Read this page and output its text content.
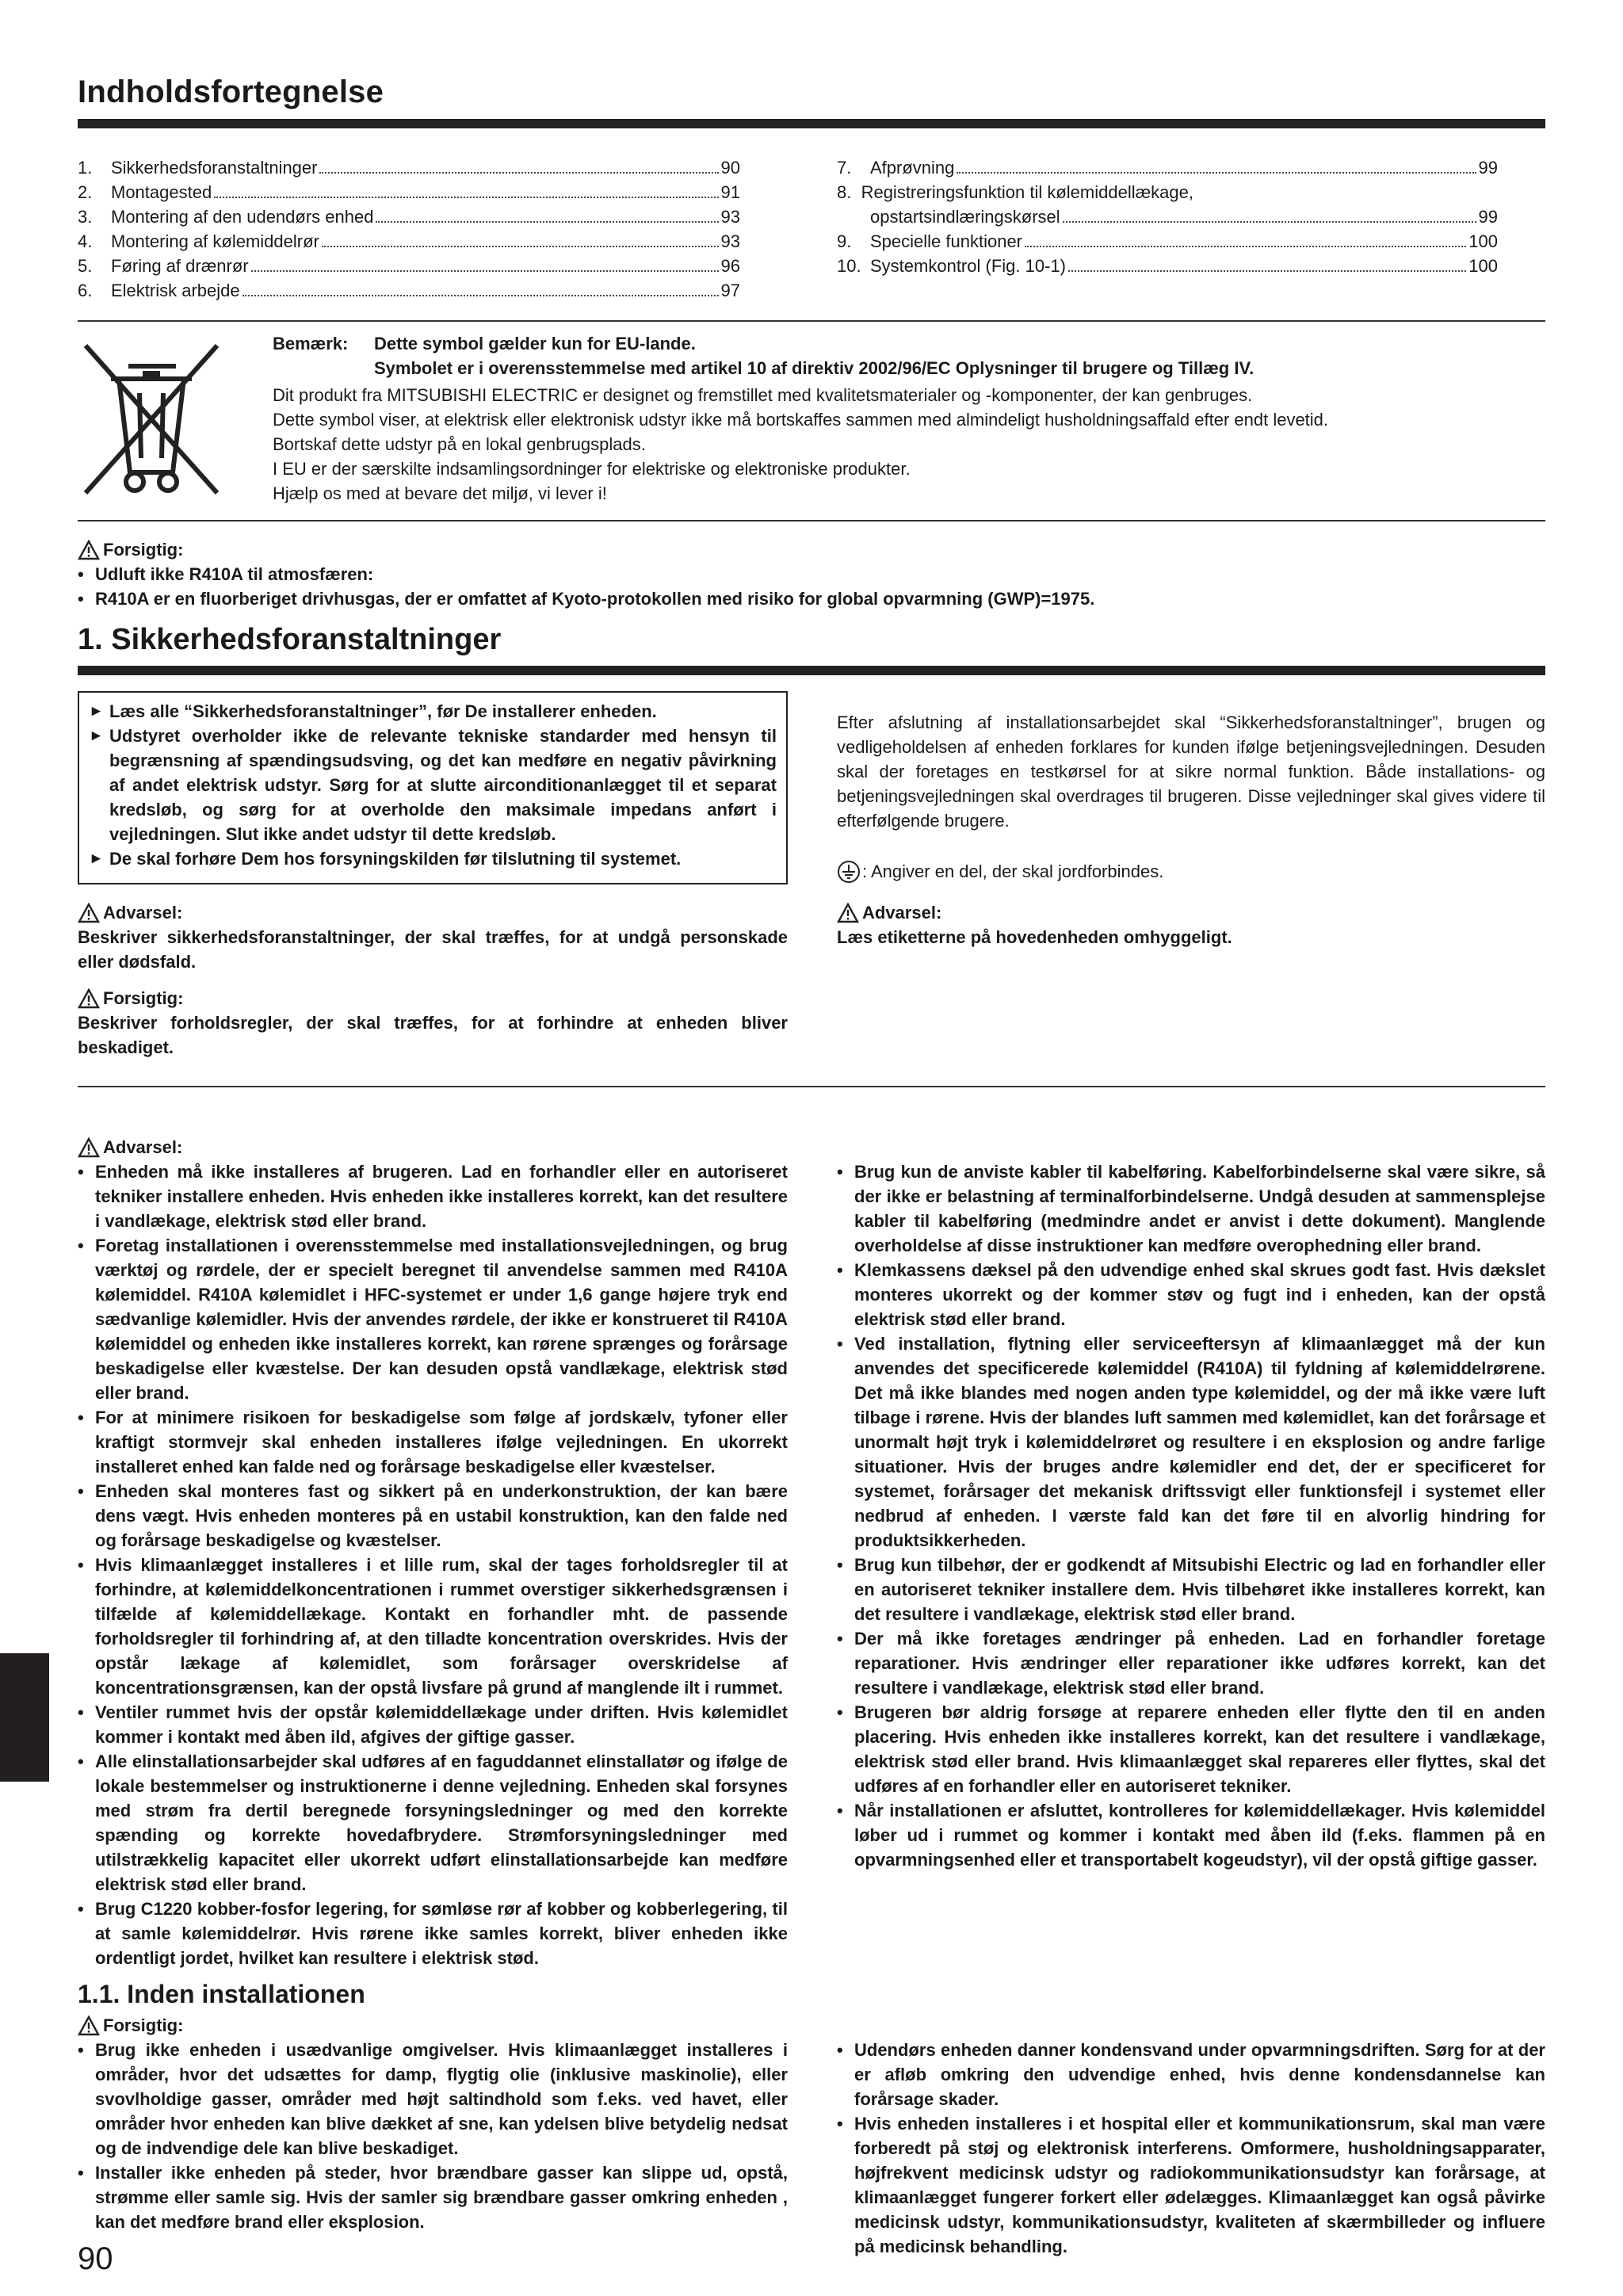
Indholdsfortegnelse
1.	Sikkerhedsforanstaltninger	90
2.	Montagested	91
3.	Montering af den udendørs enhed	93
4.	Montering af kølemiddelrør	93
5.	Føring af drænrør	96
6.	Elektrisk arbejde	97
7.	Afprøvning	99
8.  Registreringsfunktion til kølemiddellækage,
opstartsindlæringskørsel	99
9.	Specielle funktioner	100
10. Systemkontrol (Fig. 10-1)	100
Bemærk:	Dette symbol gælder kun for EU-lande.
Symbolet er i overensstemmelse med artikel 10 af direktiv 2002/96/EC Oplysninger til brugere og Tillæg IV.

Dit produkt fra MITSUBISHI ELECTRIC er designet og fremstillet med kvalitetsmaterialer og -komponenter, der kan genbruges.

Dette symbol viser, at elektrisk eller elektronisk udstyr ikke må bortskaffes sammen med almindeligt husholdningsaffald efter endt levetid.

Bortskaf dette udstyr på en lokal genbrugsplads.

I EU er der særskilte indsamlingsordninger for elektriske og elektroniske produkter.

Hjælp os med at bevare det miljø, vi lever i!

Forsigtig:
• Udluft ikke R410A til atmosfæren:
• R410A er en fluorberiget drivhusgas, der er omfattet af Kyoto-protokollen med risiko for global opvarmning (GWP)=1975.
1. Sikkerhedsforanstaltninger
► Læs alle “Sikkerhedsforanstaltninger”, før De installerer enheden.
► Udstyret overholder ikke de relevante tekniske standarder med hensyn til begrænsning af spændingsudsving, og det kan medføre en negativ påvirkning af andet elektrisk udstyr. Sørg for at slutte airconditionanlægget til et separat kredsløb, og sørg for at overholde den maksimale impedans anført i vejledningen. Slut ikke andet udstyr til dette kredsløb.
► De skal forhøre Dem hos forsyningskilden før tilslutning til systemet.
Advarsel:

Beskriver sikkerhedsforanstaltninger, der skal træffes, for at undgå personskade eller dødsfald.

Forsigtig:

Beskriver forholdsregler, der skal træffes, for at forhindre at enheden bliver beskadiget.

Efter afslutning af installationsarbejdet skal “Sikkerhedsforanstaltninger”, brugen og vedligeholdelsen af enheden forklares for kunden ifølge betjeningsvejledningen. Desuden skal der foretages en testkørsel for at sikre normal funktion. Både installations- og betjeningsvejledningen skal overdrages til brugeren. Disse vejledninger skal gives videre til efterfølgende brugere.
: Angiver en del, der skal jordforbindes.
Advarsel:

Læs etiketterne på hovedenheden omhyggeligt.

Advarsel:
• Enheden må ikke installeres af brugeren. Lad en forhandler eller en autoriseret tekniker installere enheden. Hvis enheden ikke installeres korrekt, kan det resultere i vandlækage, elektrisk stød eller brand.
• Foretag installationen i overensstemmelse med installationsvejledningen, og brug værktøj og rørdele, der er specielt beregnet til anvendelse sammen med R410A kølemiddel. R410A kølemidlet i HFC-systemet er under 1,6 gange højere tryk end sædvanlige kølemidler. Hvis der anvendes rørdele, der ikke er konstrueret til R410A kølemiddel og enheden ikke installeres korrekt, kan rørene sprænges og forårsage beskadigelse eller kvæstelse. Der kan desuden opstå vandlækage, elektrisk stød eller brand.
• For at minimere risikoen for beskadigelse som følge af jordskælv, tyfoner eller kraftigt stormvejr skal enheden installeres ifølge vejledningen. En ukorrekt installeret enhed kan falde ned og forårsage beskadigelse eller kvæstelser.
• Enheden skal monteres fast og sikkert på en underkonstruktion, der kan bære dens vægt. Hvis enheden monteres på en ustabil konstruktion, kan den falde ned og forårsage beskadigelse og kvæstelser.
• Hvis klimaanlægget installeres i et lille rum, skal der tages forholdsregler til at forhindre, at kølemiddelkoncentrationen i rummet overstiger sikkerhedsgrænsen i tilfælde af kølemiddellækage. Kontakt en forhandler mht. de passende forholdsregler til forhindring af, at den tilladte koncentration overskrides. Hvis der opstår lækage af kølemidlet, som forårsager overskridelse af koncentrationsgrænsen, kan der opstå livsfare på grund af manglende ilt i rummet.
• Ventiler rummet hvis der opstår kølemiddellækage under driften. Hvis kølemidlet kommer i kontakt med åben ild, afgives der giftige gasser.
• Alle elinstallationsarbejder skal udføres af en faguddannet elinstallatør og ifølge de lokale bestemmelser og instruktionerne i denne vejledning. Enheden skal forsynes med strøm fra dertil beregnede forsyningsledninger og med den korrekte spænding og korrekte hovedafbrydere. Strømforsyningsledninger med utilstrækkelig kapacitet eller ukorrekt udført elinstallationsarbejde kan medføre elektrisk stød eller brand.
• Brug C1220 kobber-fosfor legering, for sømløse rør af kobber og kobberlegering, til at samle kølemiddelrør. Hvis rørene ikke samles korrekt, bliver enheden ikke ordentligt jordet, hvilket kan resultere i elektrisk stød.
• Brug kun de anviste kabler til kabelføring. Kabelforbindelserne skal være sikre, så der ikke er belastning af terminalforbindelserne. Undgå desuden at sammensplejse kabler til kabelføring (medmindre andet er anvist i dette dokument). Manglende overholdelse af disse instruktioner kan medføre overophedning eller brand.
• Klemkassens dæksel på den udvendige enhed skal skrues godt fast. Hvis dækslet monteres ukorrekt og der kommer støv og fugt ind i enheden, kan der opstå elektrisk stød eller brand.
• Ved installation, flytning eller serviceeftersyn af klimaanlægget må der kun anvendes det specificerede kølemiddel (R410A) til fyldning af kølemiddelrørene. Det må ikke blandes med nogen anden type kølemiddel, og der må ikke være luft tilbage i rørene. Hvis der blandes luft sammen med kølemidlet, kan det forårsage et unormalt højt tryk i kølemiddelrøret og resultere i en eksplosion og andre farlige situationer. Hvis der bruges andre kølemidler end det, der er specificeret for systemet, forårsager det mekanisk driftssvigt eller funktionsfejl i systemet eller nedbrud af enheden. I værste fald kan det føre til en alvorlig hindring for produktsikkerheden.
• Brug kun tilbehør, der er godkendt af Mitsubishi Electric og lad en forhandler eller en autoriseret tekniker installere dem. Hvis tilbehøret ikke installeres korrekt, kan det resultere i vandlækage, elektrisk stød eller brand.
• Der må ikke foretages ændringer på enheden. Lad en forhandler foretage reparationer. Hvis ændringer eller reparationer ikke udføres korrekt, kan det resultere i vandlækage, elektrisk stød eller brand.
• Brugeren bør aldrig forsøge at reparere enheden eller flytte den til en anden placering. Hvis enheden ikke installeres korrekt, kan det resultere i vandlækage, elektrisk stød eller brand. Hvis klimaanlægget skal repareres eller flyttes, skal det udføres af en forhandler eller en autoriseret tekniker.
• Når installationen er afsluttet, kontrolleres for kølemiddellækager. Hvis kølemiddel løber ud i rummet og kommer i kontakt med åben ild (f.eks. flammen på en opvarmningsenhed eller et transportabelt kogeudstyr), vil der opstå giftige gasser.
1.1. Inden installationen
Forsigtig:
• Brug ikke enheden i usædvanlige omgivelser. Hvis klimaanlægget installeres i områder, hvor det udsættes for damp, flygtig olie (inklusive maskinolie), eller svovlholdige gasser, områder med højt saltindhold som f.eks. ved havet, eller områder hvor enheden kan blive dækket af sne, kan ydelsen blive betydelig nedsat og de indvendige dele kan blive beskadiget.
• Installer ikke enheden på steder, hvor brændbare gasser kan slippe ud, opstå, strømme eller samle sig. Hvis der samler sig brændbare gasser omkring enheden , kan det medføre brand eller eksplosion.
• Udendørs enheden danner kondensvand under opvarmningsdriften. Sørg for at der er afløb omkring den udvendige enhed, hvis denne kondensdannelse kan forårsage skader.
• Hvis enheden installeres i et hospital eller et kommunikationsrum, skal man være forberedt på støj og elektronisk interferens. Omformere, husholdningsapparater, højfrekvent medicinsk udstyr og radiokommunikationsudstyr kan forårsage, at klimaanlægget fungerer forkert eller ødelægges. Klimaanlægget kan også påvirke medicinsk udstyr, kommunikationsudstyr, kvaliteten af skærmbilleder og influere på medicinsk behandling.
90
